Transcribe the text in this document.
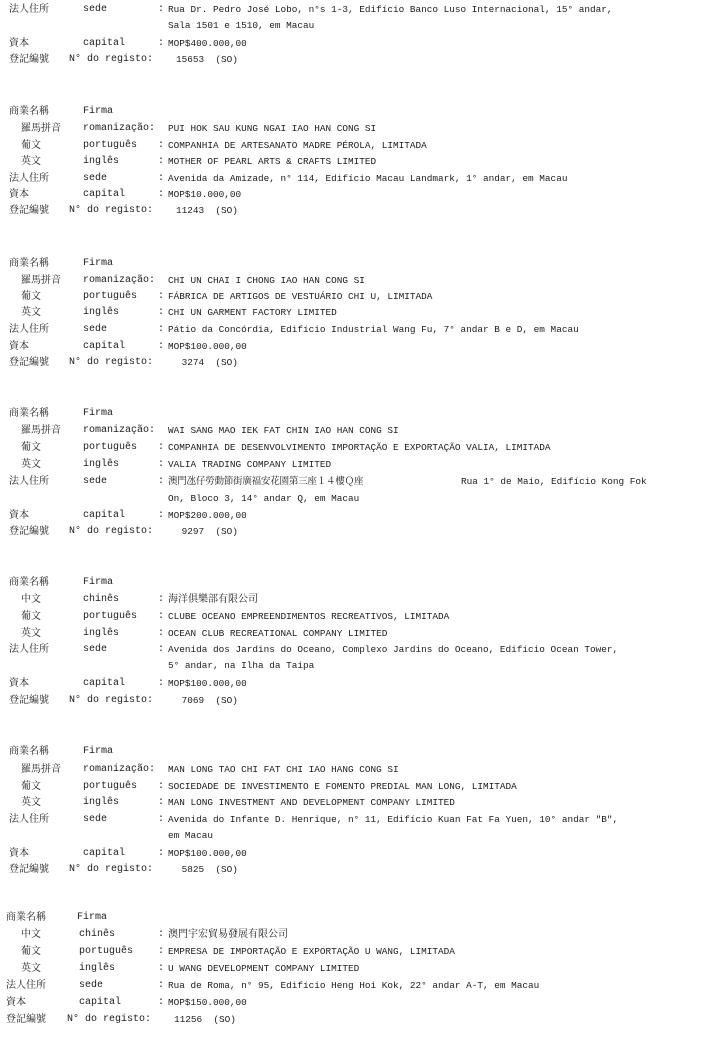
法人住所	sede	: Rua Dr. Pedro José Lobo, n°s 1-3, Edifício Banco Luso Internacional, 15° andar,
Sala 1501 e 1510, em Macau
資本	capital	: MOP$400.000,00
登記編號	N° do registo: 15653  (SO)
商業名稱	Firma
羅馬拼音	romanização: PUI HOK SAU KUNG NGAI IAO HAN CONG SI
葡文	português : COMPANHIA DE ARTESANATO MADRE PÉROLA, LIMITADA
英文	inglês	: MOTHER OF PEARL ARTS & CRAFTS LIMITED
法人住所	sede	: Avenida da Amizade, n° 114, Edifício Macau Landmark, 1° andar, em Macau
資本	capital	: MOP$10.000,00
登記編號	N° do registo: 11243  (SO)
商業名稱	Firma
羅馬拼音	romanização: CHI UN CHAI I CHONG IAO HAN CONG SI
葡文	português : FÁBRICA DE ARTIGOS DE VESTUÁRIO CHI U, LIMITADA
英文	inglês	: CHI UN GARMENT FACTORY LIMITED
法人住所	sede	: Pátio da Concórdia, Edifício Industrial Wang Fu, 7° andar B e D, em Macau
資本	capital	: MOP$100.000,00
登記編號	N° do registo: 3274  (SO)
商業名稱	Firma
羅馬拼音	romanização: WAI SANG MAO IEK FAT CHIN IAO HAN CONG SI
葡文	português : COMPANHIA DE DESENVOLVIMENTO IMPORTAÇÃO E EXPORTAÇÃO VALIA, LIMITADA
英文	inglês	: VALIA TRADING COMPANY LIMITED
法人住所	sede	: 澳門氹仔勞動節街廣福安花園第三座１４樓Ｑ座	Rua 1° de Maio, Edifício Kong Fok
On, Bloco 3, 14° andar Q, em Macau
資本	capital	: MOP$200.000,00
登記編號	N° do registo: 9297  (SO)
商業名稱	Firma
中文	chinês	: 海洋俱樂部有限公司
葡文	português : CLUBE OCEANO EMPREENDIMENTOS RECREATIVOS, LIMITADA
英文	inglês	: OCEAN CLUB RECREATIONAL COMPANY LIMITED
法人住所	sede	: Avenida dos Jardins do Oceano, Complexo Jardins do Oceano, Edifício Ocean Tower,
5° andar, na Ilha da Taipa
資本	capital	: MOP$100.000,00
登記編號	N° do registo: 7069  (SO)
商業名稱	Firma
羅馬拼音	romanização: MAN LONG TAO CHI FAT CHI IAO HANG CONG SI
葡文	português : SOCIEDADE DE INVESTIMENTO E FOMENTO PREDIAL MAN LONG, LIMITADA
英文	inglês	: MAN LONG INVESTMENT AND DEVELOPMENT COMPANY LIMITED
法人住所	sede	: Avenida do Infante D. Henrique, n° 11, Edifício Kuan Fat Fa Yuen, 10° andar "B",
em Macau
資本	capital	: MOP$100.000,00
登記編號	N° do registo: 5825  (SO)
商業名稱	Firma
中文	chinês	: 澳門宇宏貿易發展有限公司
葡文	português : EMPRESA DE IMPORTAÇÃO E EXPORTAÇÃO U WANG, LIMITADA
英文	inglês	: U WANG DEVELOPMENT COMPANY LIMITED
法人住所	sede	: Rua de Roma, n° 95, Edifício Heng Hoi Kok, 22° andar A-T, em Macau
資本	capital	: MOP$150.000,00
登記編號	N° do registo: 11256  (SO)
